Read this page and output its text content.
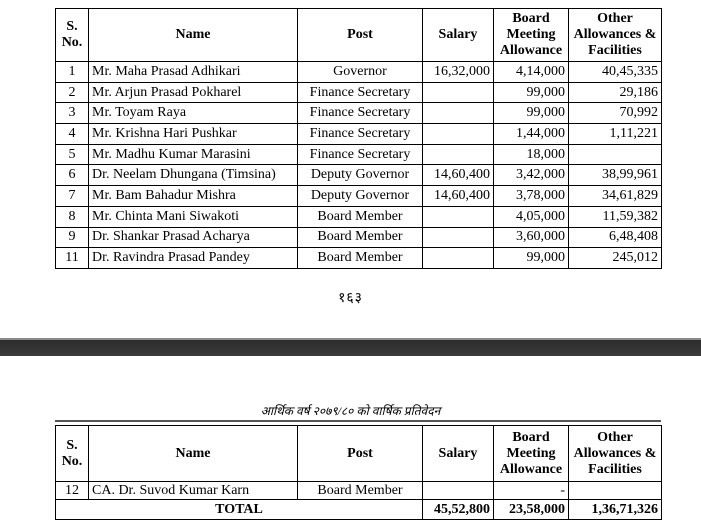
S.
No.	Name	Post	Salary	Board
Meeting
Allowance	Other
Allowances &
Facilities
1	Mr. Maha Prasad Adhikari	Governor	16,32,000	4,14,000	40,45,335
2	Mr. Arjun Prasad Pokharel	Finance Secretary		99,000	29,186
3	Mr. Toyam Raya	Finance Secretary		99,000	70,992
4	Mr. Krishna Hari Pushkar	Finance Secretary		1,44,000	1,11,221
5	Mr. Madhu Kumar Marasini	Finance Secretary		18,000	
6	Dr. Neelam Dhungana (Timsina)	Deputy Governor	14,60,400	3,42,000	38,99,961
7	Mr. Bam Bahadur Mishra	Deputy Governor	14,60,400	3,78,000	34,61,829
8	Mr. Chinta Mani Siwakoti	Board Member		4,05,000	11,59,382
9	Dr. Shankar Prasad Acharya	Board Member		3,60,000	6,48,408
11	Dr. Ravindra Prasad Pandey	Board Member		99,000	245,012
१६३
आर्थिक वर्ष २०७९/८० को वार्षिक प्रतिवेदन
S.
No.	Name	Post	Salary	Board
Meeting
Allowance	Other
Allowances &
Facilities
12	CA. Dr. Suvod Kumar Karn	Board Member		-	
TOTAL			45,52,800	23,58,000	1,36,71,326
